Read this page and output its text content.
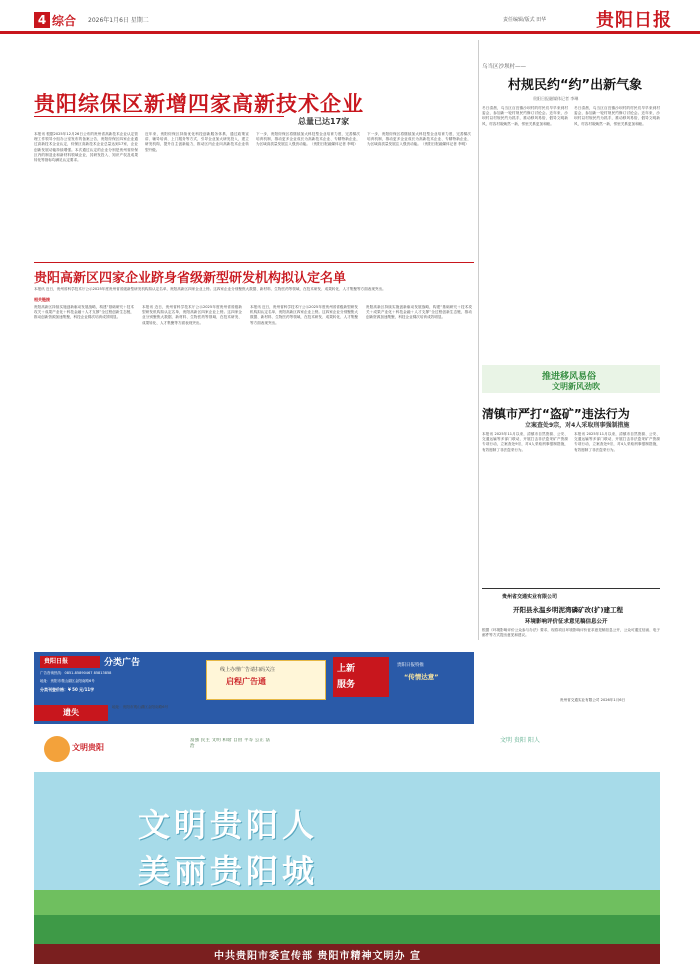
4 综合 2026年1月6日 星期二	责任编辑/版式 田华	贵阳日报
贵阳综保区新增四家高新技术企业
总量已达17家
本报讯 根据2025年12月26日公布的贵州省高新技术企业认定管理工作领导小组办公室发布的备案公告，贵阳综保区四家企业通过高新技术企业认定，综保区高新技术企业总量达到17家，企业创新发展动能持续增强。本次通过认定的企业分别是贵州省综保区内的制造业和新材料领域企业，其研发投入、知识产权及成果转化等指标均满足认定要求。
近年来，贵阳综保区持续优化科技创新服务体系，通过政策宣讲、辅导培训、上门服务等方式，引导企业加大研发投入，建立研发机构，提升自主创新能力，推动区内企业向高新技术企业转型升级。
下一步，贵阳综保区将继续加大科技型企业培育力度，完善梯次培育机制，推动更多企业成长为高新技术企业、专精特新企业，为区域高质量发展注入强劲动能。（贵阳日报融媒体记者 李明）
下一步，贵阳综保区将继续加大科技型企业培育力度，完善梯次培育机制，推动更多企业成长为高新技术企业、专精特新企业，为区域高质量发展注入强劲动能。（贵阳日报融媒体记者 李明）
贵阳高新区四家企业跻身省级新型研发机构拟认定名单
本报讯 近日，贵州省科学技术厅公示2025年度贵州省省级新型研发机构拟认定名单，贵阳高新区四家企业上榜。这四家企业分别聚焦大数据、新材料、生物医药等领域，在技术研发、成果转化、人才集聚等方面表现突出。
相关链接
贵阳高新区持续实施创新驱动发展战略，构建“基础研究＋技术攻关＋成果产业化＋科技金融＋人才支撑”全过程创新生态链，推动创新资源加速集聚，科技企业梯次培育成效明显。
本报讯 近日，贵州省科学技术厅公示2025年度贵州省省级新型研发机构拟认定名单，贵阳高新区四家企业上榜。这四家企业分别聚焦大数据、新材料、生物医药等领域，在技术研发、成果转化、人才集聚等方面表现突出。
本报讯 近日，贵州省科学技术厅公示2025年度贵州省省级新型研发机构拟认定名单，贵阳高新区四家企业上榜。这四家企业分别聚焦大数据、新材料、生物医药等领域，在技术研发、成果转化、人才集聚等方面表现突出。
贵阳高新区持续实施创新驱动发展战略，构建“基础研究＋技术攻关＋成果产业化＋科技金融＋人才支撑”全过程创新生态链，推动创新资源加速集聚，科技企业梯次培育成效明显。
乌当区沙坝村——
村规民约“约”出新气象
贵阳日报融媒体记者 李琳
冬日清晨，乌当区百宜镇沙坝村的村民们早早来到村委会，参加新一轮村规民约修订讨论会。近年来，沙坝村以村规民约为抓手，推动移风易俗，倡导文明新风，村容村貌焕然一新，邻里关系更加和睦。
冬日清晨，乌当区百宜镇沙坝村的村民们早早来到村委会，参加新一轮村规民约修订讨论会。近年来，沙坝村以村规民约为抓手，推动移风易俗，倡导文明新风，村容村貌焕然一新，邻里关系更加和睦。
推进移风易俗
文明新风劲吹
清镇市严打“盗矿”违法行为
立案查处9宗，对4人采取刑事强制措施
本报讯 2025年11月以来，清镇市自然资源、公安、交通运输等多部门联动，开展打击非法盗采矿产资源专项行动，立案查处9宗，对4人采取刑事强制措施，有效遏制了非法盗采行为。
本报讯 2025年11月以来，清镇市自然资源、公安、交通运输等多部门联动，开展打击非法盗采矿产资源专项行动，立案查处9宗，对4人采取刑事强制措施，有效遏制了非法盗采行为。
贵州省交通实业有限公司
开阳县永温乡明泥湾磷矿改(扩)建工程
环境影响评价征求意见稿信息公开
根据《环境影响评价公众参与办法》要求，现将项目环境影响评价征求意见稿信息公开，公众可通过信函、电子邮件等方式提出意见和建议。
贵州省交通实业有限公司 2026年1月6日
贵阳日报	分类广告
广告咨询热线：0851-85890467 85813858
地址：贵阳市观山湖区金阳南路6号
分类刊登价格：¥ 50 元/11字
线上办理广告请扫码关注
启程广告通
上新
服务
贵阳日报特推
“传情达意”
遗失
地址：贵阳市观山湖区金阳南路6号
文明贵阳
富强 民主 文明 和谐 自由 平等 公正 法治
文明 贵阳 阳人
文明贵阳人
美丽贵阳城
中共贵阳市委宣传部 贵阳市精神文明办 宣
